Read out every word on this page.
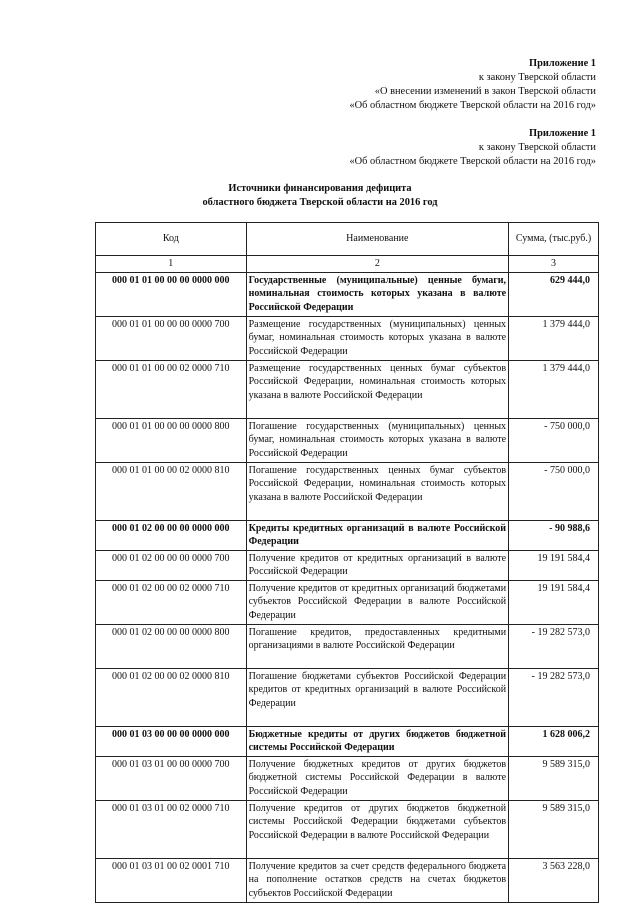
Приложение 1
к закону Тверской области
«О внесении изменений в закон Тверской области
«Об областном бюджете Тверской области на 2016 год»
Приложение 1
к закону Тверской области
«Об областном бюджете Тверской области на 2016 год»
Источники финансирования дефицита
областного бюджета Тверской области на 2016 год
Код	Наименование	Сумма, (тыс.руб.)
1	2	3
000 01 01 00 00 00 0000 000	Государственные (муниципальные) ценные бумаги, номинальная стоимость которых указана в валюте Российской Федерации	629 444,0
000 01 01 00 00 00 0000 700	Размещение государственных (муниципальных) ценных бумаг, номинальная стоимость которых указана в валюте Российской Федерации	1 379 444,0
000 01 01 00 00 02 0000 710	Размещение государственных ценных бумаг субъектов Российской Федерации, номинальная стоимость которых указана в валюте Российской Федерации	1 379 444,0
000 01 01 00 00 00 0000 800	Погашение государственных (муниципальных) ценных бумаг, номинальная стоимость которых указана в валюте Российской Федерации	- 750 000,0
000 01 01 00 00 02 0000 810	Погашение государственных ценных бумаг субъектов Российской Федерации, номинальная стоимость которых указана в валюте Российской Федерации	- 750 000,0
000 01 02 00 00 00 0000 000	Кредиты кредитных организаций в валюте Российской Федерации	- 90 988,6
000 01 02 00 00 00 0000 700	Получение кредитов от кредитных организаций в валюте Российской Федерации	19 191 584,4
000 01 02 00 00 02 0000 710	Получение кредитов от кредитных организаций бюджетами субъектов Российской Федерации в валюте Российской Федерации	19 191 584,4
000 01 02 00 00 00 0000 800	Погашение кредитов, предоставленных кредитными организациями в валюте Российской Федерации	- 19 282 573,0
000 01 02 00 00 02 0000 810	Погашение бюджетами субъектов Российской Федерации кредитов от кредитных организаций в валюте Российской Федерации	- 19 282 573,0
000 01 03 00 00 00 0000 000	Бюджетные кредиты от других бюджетов бюджетной системы Российской Федерации	1 628 006,2
000 01 03 01 00 00 0000 700	Получение бюджетных кредитов от других бюджетов бюджетной системы Российской Федерации в валюте Российской Федерации	9 589 315,0
000 01 03 01 00 02 0000 710	Получение кредитов от других бюджетов бюджетной системы Российской Федерации бюджетами субъектов Российской Федерации в валюте Российской Федерации	9 589 315,0
000 01 03 01 00 02 0001 710	Получение кредитов за счет средств федерального бюджета на пополнение остатков средств на счетах бюджетов субъектов Российской Федерации	3 563 228,0
